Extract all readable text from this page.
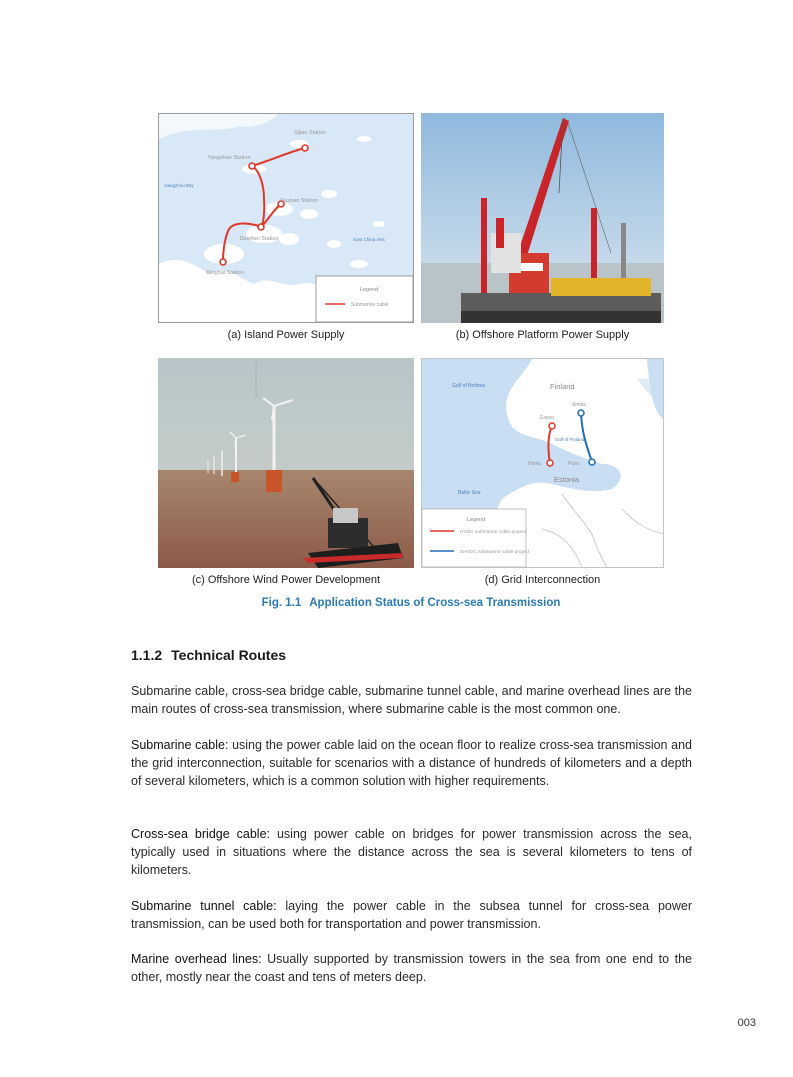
Hangzhou Bay
East China Sea
Sijiao Station
Yangshan Station
Qushan Station
Daishan Station
Dinghai Station
Legend
Submarine cable
(a) Island Power Supply	(b) Offshore Platform Power Supply
Gulf of Bothnia	Finland
Anttila
Espoo
Gulf of Finland
Harku	Puss
Estonia
Baltic Sea
Legend
HVDC submarine cable project
EHVDC submarine cable project
(c) Offshore Wind Power Development	(d) Grid Interconnection
Fig. 1.1 Application Status of Cross-sea Transmission
1.1.2 Technical Routes

Submarine cable, cross-sea bridge cable, submarine tunnel cable, and marine overhead lines are the main routes of cross-sea transmission, where submarine cable is the most common one.

Submarine cable: using the power cable laid on the ocean floor to realize cross-sea transmission and the grid interconnection, suitable for scenarios with a distance of hundreds of kilometers and a depth of several kilometers, which is a common solution with higher requirements.

Cross-sea bridge cable: using power cable on bridges for power transmission across the sea, typically used in situations where the distance across the sea is several kilometers to tens of kilometers.

Submarine tunnel cable: laying the power cable in the subsea tunnel for cross-sea power transmission, can be used both for transportation and power transmission.

Marine overhead lines: Usually supported by transmission towers in the sea from one end to the other, mostly near the coast and tens of meters deep.

003
